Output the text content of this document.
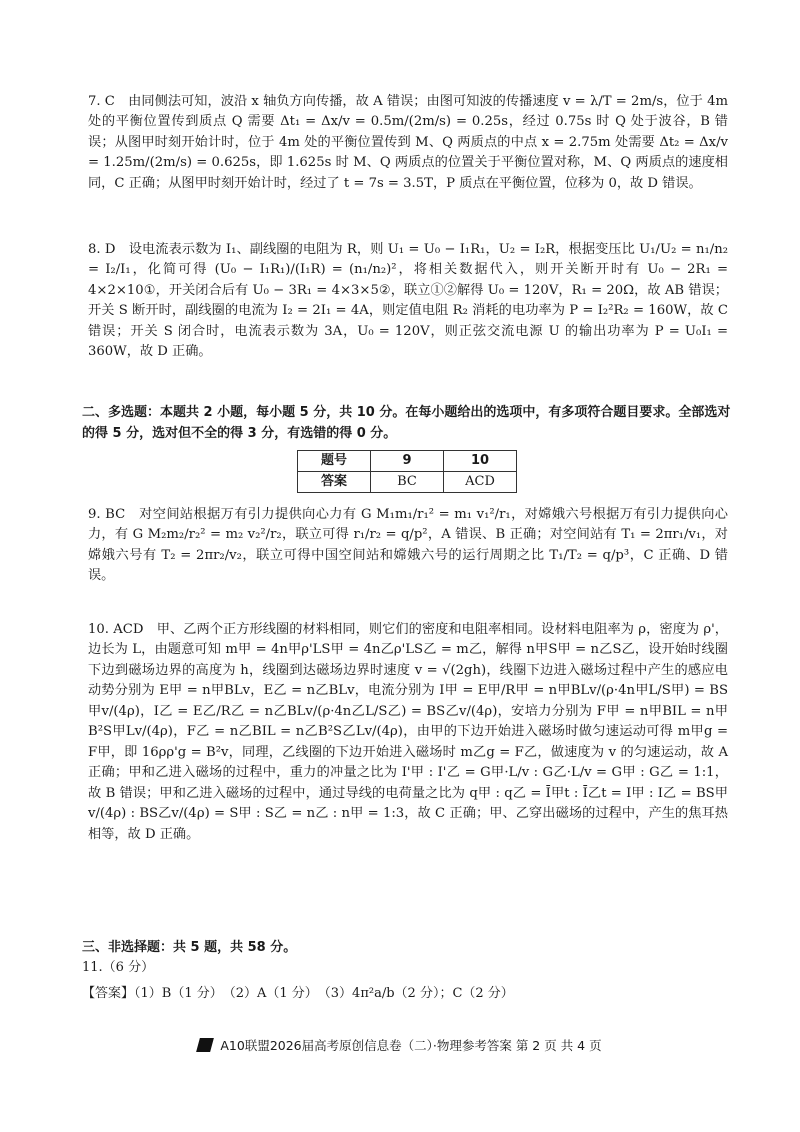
7. C　由同侧法可知，波沿 x 轴负方向传播，故 A 错误；由图可知波的传播速度 v = λ/T = 2m/s，位于 4m 处的平衡位置传到质点 Q 需要 Δt₁ = Δx/v = 0.5m/(2m/s) = 0.25s，经过 0.75s 时 Q 处于波谷，B 错误；从图甲时刻开始计时，位于 4m 处的平衡位置传到 M、Q 两质点的中点 x = 2.75m 处需要 Δt₂ = Δx/v = 1.25m/(2m/s) = 0.625s，即 1.625s 时 M、Q 两质点的位置关于平衡位置对称，M、Q 两质点的速度相同，C 正确；从图甲时刻开始计时，经过了 t = 7s = 3.5T，P 质点在平衡位置，位移为 0，故 D 错误。

8. D　设电流表示数为 I₁、副线圈的电阻为 R，则 U₁ = U₀ − I₁R₁，U₂ = I₂R，根据变压比 U₁/U₂ = n₁/n₂ = I₂/I₁，化简可得 (U₀ − I₁R₁)/(I₁R) = (n₁/n₂)²，将相关数据代入，则开关断开时有 U₀ − 2R₁ = 4×2×10①，开关闭合后有 U₀ − 3R₁ = 4×3×5②，联立①②解得 U₀ = 120V，R₁ = 20Ω，故 AB 错误；开关 S 断开时，副线圈的电流为 I₂ = 2I₁ = 4A，则定值电阻 R₂ 消耗的电功率为 P = I₂²R₂ = 160W，故 C 错误；开关 S 闭合时，电流表示数为 3A，U₀ = 120V，则正弦交流电源 U 的输出功率为 P = U₀I₁ = 360W，故 D 正确。

二、多选题：本题共 2 小题，每小题 5 分，共 10 分。在每小题给出的选项中，有多项符合题目要求。全部选对的得 5 分，选对但不全的得 3 分，有选错的得 0 分。

题号	9	10
答案	BC	ACD

9. BC　对空间站根据万有引力提供向心力有 G M₁m₁/r₁² = m₁ v₁²/r₁，对嫦娥六号根据万有引力提供向心力，有 G M₂m₂/r₂² = m₂ v₂²/r₂，联立可得 r₁/r₂ = q/p²，A 错误、B 正确；对空间站有 T₁ = 2πr₁/v₁，对嫦娥六号有 T₂ = 2πr₂/v₂，联立可得中国空间站和嫦娥六号的运行周期之比 T₁/T₂ = q/p³，C 正确、D 错误。

10. ACD　甲、乙两个正方形线圈的材料相同，则它们的密度和电阻率相同。设材料电阻率为 ρ，密度为 ρ'，边长为 L，由题意可知 m甲 = 4n甲ρ'LS甲 = 4n乙ρ'LS乙 = m乙，解得 n甲S甲 = n乙S乙，设开始时线圈下边到磁场边界的高度为 h，线圈到达磁场边界时速度 v = √(2gh)，线圈下边进入磁场过程中产生的感应电动势分别为 E甲 = n甲BLv，E乙 = n乙BLv，电流分别为 I甲 = E甲/R甲 = n甲BLv/(ρ·4n甲L/S甲) = BS甲v/(4ρ)，I乙 = E乙/R乙 = n乙BLv/(ρ·4n乙L/S乙) = BS乙v/(4ρ)，安培力分别为 F甲 = n甲BIL = n甲B²S甲Lv/(4ρ)，F乙 = n乙BIL = n乙B²S乙Lv/(4ρ)，由甲的下边开始进入磁场时做匀速运动可得 m甲g = F甲，即 16ρρ'g = B²v，同理，乙线圈的下边开始进入磁场时 m乙g = F乙，做速度为 v 的匀速运动，故 A 正确；甲和乙进入磁场的过程中，重力的冲量之比为 I'甲 : I'乙 = G甲·L/v : G乙·L/v = G甲 : G乙 = 1:1，故 B 错误；甲和乙进入磁场的过程中，通过导线的电荷量之比为 q甲 : q乙 = Ī甲t : Ī乙t = I甲 : I乙 = BS甲v/(4ρ) : BS乙v/(4ρ) = S甲 : S乙 = n乙 : n甲 = 1:3，故 C 正确；甲、乙穿出磁场的过程中，产生的焦耳热相等，故 D 正确。

三、非选择题：共 5 题，共 58 分。

11.（6 分）

【答案】（1）B（1 分）　（2）A（1 分）　（3）4π²a/b（2 分）；C（2 分）
A10联盟2026届高考原创信息卷（二）·物理参考答案 第 2 页 共 4 页
